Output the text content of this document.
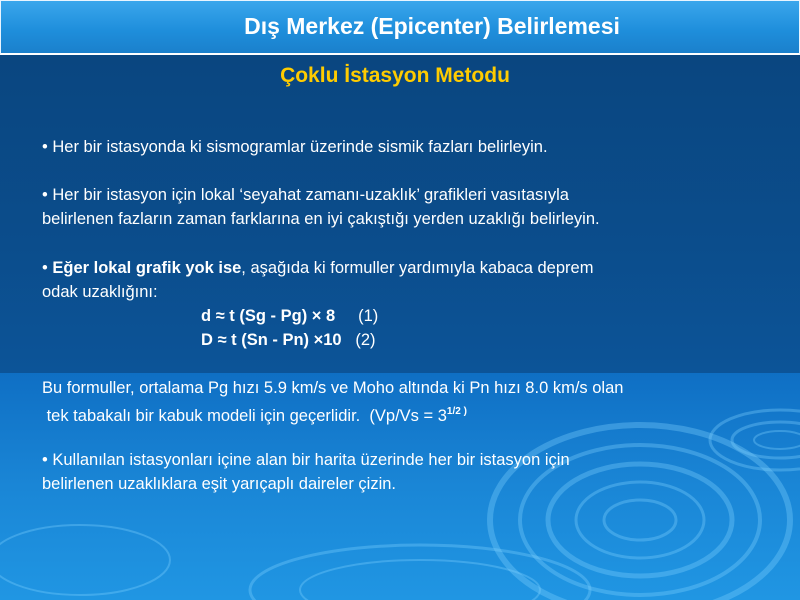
Dış Merkez (Epicenter) Belirlemesi
Çoklu İstasyon Metodu
• Her bir istasyonda ki sismogramlar üzerinde sismik fazları belirleyin.
• Her bir istasyon için lokal ‘seyahat zamanı-uzaklık’ grafikleri vasıtasıyla
belirlenen fazların zaman farklarına en iyi çakıştığı yerden uzaklığı belirleyin.
• Eğer lokal grafik yok ise, aşağıda ki formuller yardımıyla kabaca deprem
odak uzaklığını:
d ≈ t (Sg - Pg) × 8 (1)
D ≈ t (Sn - Pn) ×10 (2)
Bu formuller, ortalama Pg hızı 5.9 km/s ve Moho altında ki Pn hızı 8.0 km/s olan
tek tabakalı bir kabuk modeli için geçerlidir.  ($Vp/Vs = 3^{1/2 )}$
• Kullanılan istasyonları içine alan bir harita üzerinde her bir istasyon için
belirlenen uzaklıklara eşit yarıçaplı daireler çizin.
